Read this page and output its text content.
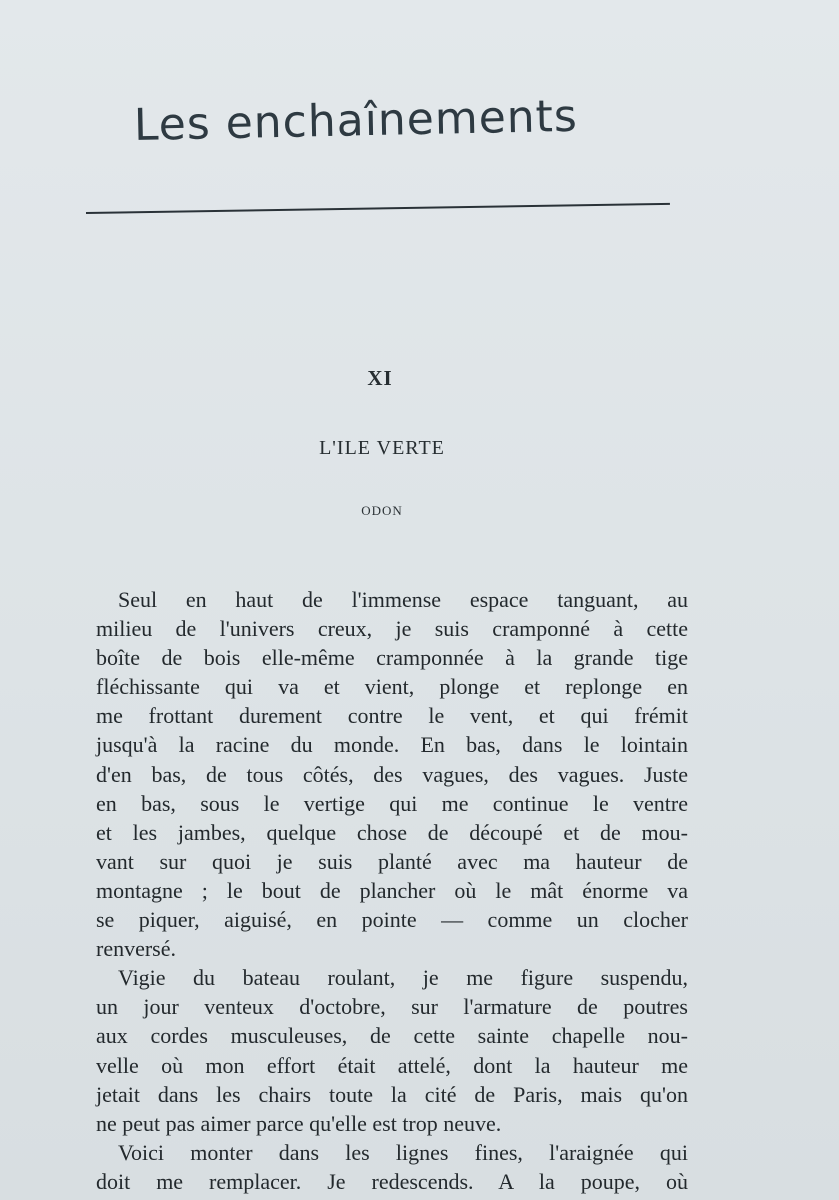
Les enchaînements
XI
L'ILE VERTE
ODON
Seul en haut de l'immense espace tanguant, au
milieu de l'univers creux, je suis cramponné à cette
boîte de bois elle-même cramponnée à la grande tige
fléchissante qui va et vient, plonge et replonge en
me frottant durement contre le vent, et qui frémit
jusqu'à la racine du monde. En bas, dans le lointain
d'en bas, de tous côtés, des vagues, des vagues. Juste
en bas, sous le vertige qui me continue le ventre
et les jambes, quelque chose de découpé et de mou-
vant sur quoi je suis planté avec ma hauteur de
montagne ; le bout de plancher où le mât énorme va
se piquer, aiguisé, en pointe — comme un clocher
renversé.
Vigie du bateau roulant, je me figure suspendu,
un jour venteux d'octobre, sur l'armature de poutres
aux cordes musculeuses, de cette sainte chapelle nou-
velle où mon effort était attelé, dont la hauteur me
jetait dans les chairs toute la cité de Paris, mais qu'on
ne peut pas aimer parce qu'elle est trop neuve.
Voici monter dans les lignes fines, l'araignée qui
doit me remplacer. Je redescends. A la poupe, où
